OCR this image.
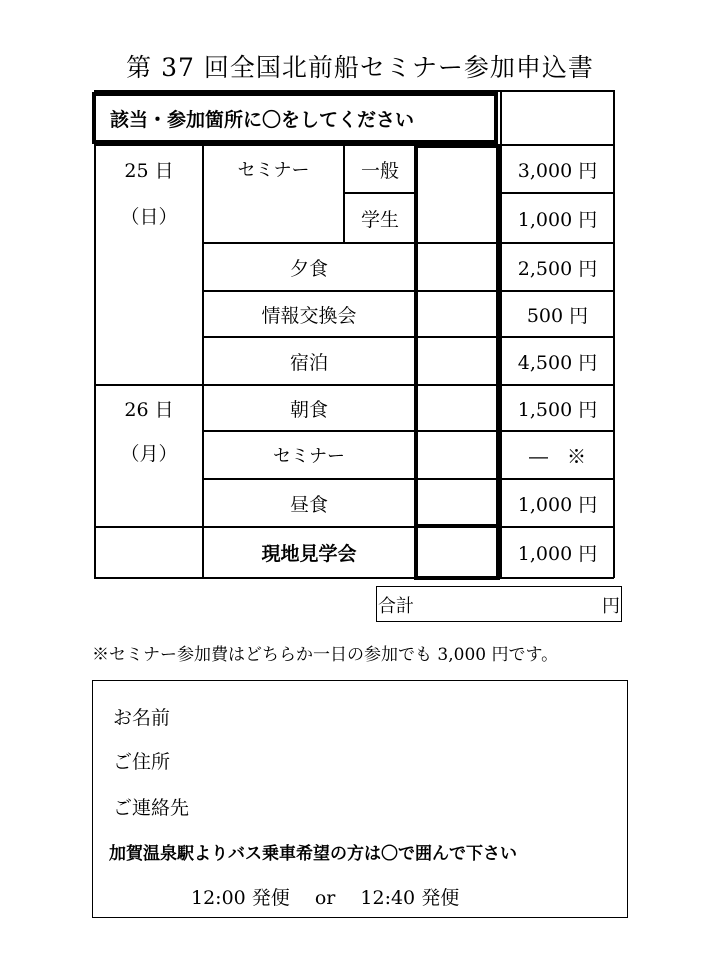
第 37 回全国北前船セミナー参加申込書
該当・参加箇所に〇をしてください
25 日
（日）
26 日
（月）
セミナー	一般
学生
夕食
情報交換会
宿泊
朝食
セミナー
昼食
現地見学会
3,000 円
1,000 円
2,500 円
500 円
4,500 円
1,500 円
―　※
1,000 円
1,000 円
合計	円
※セミナー参加費はどちらか一日の参加でも 3,000 円です。
お名前
ご住所
ご連絡先
加賀温泉駅よりバス乗車希望の方は〇で囲んで下さい
12:00 発便　 or　 12:40 発便
